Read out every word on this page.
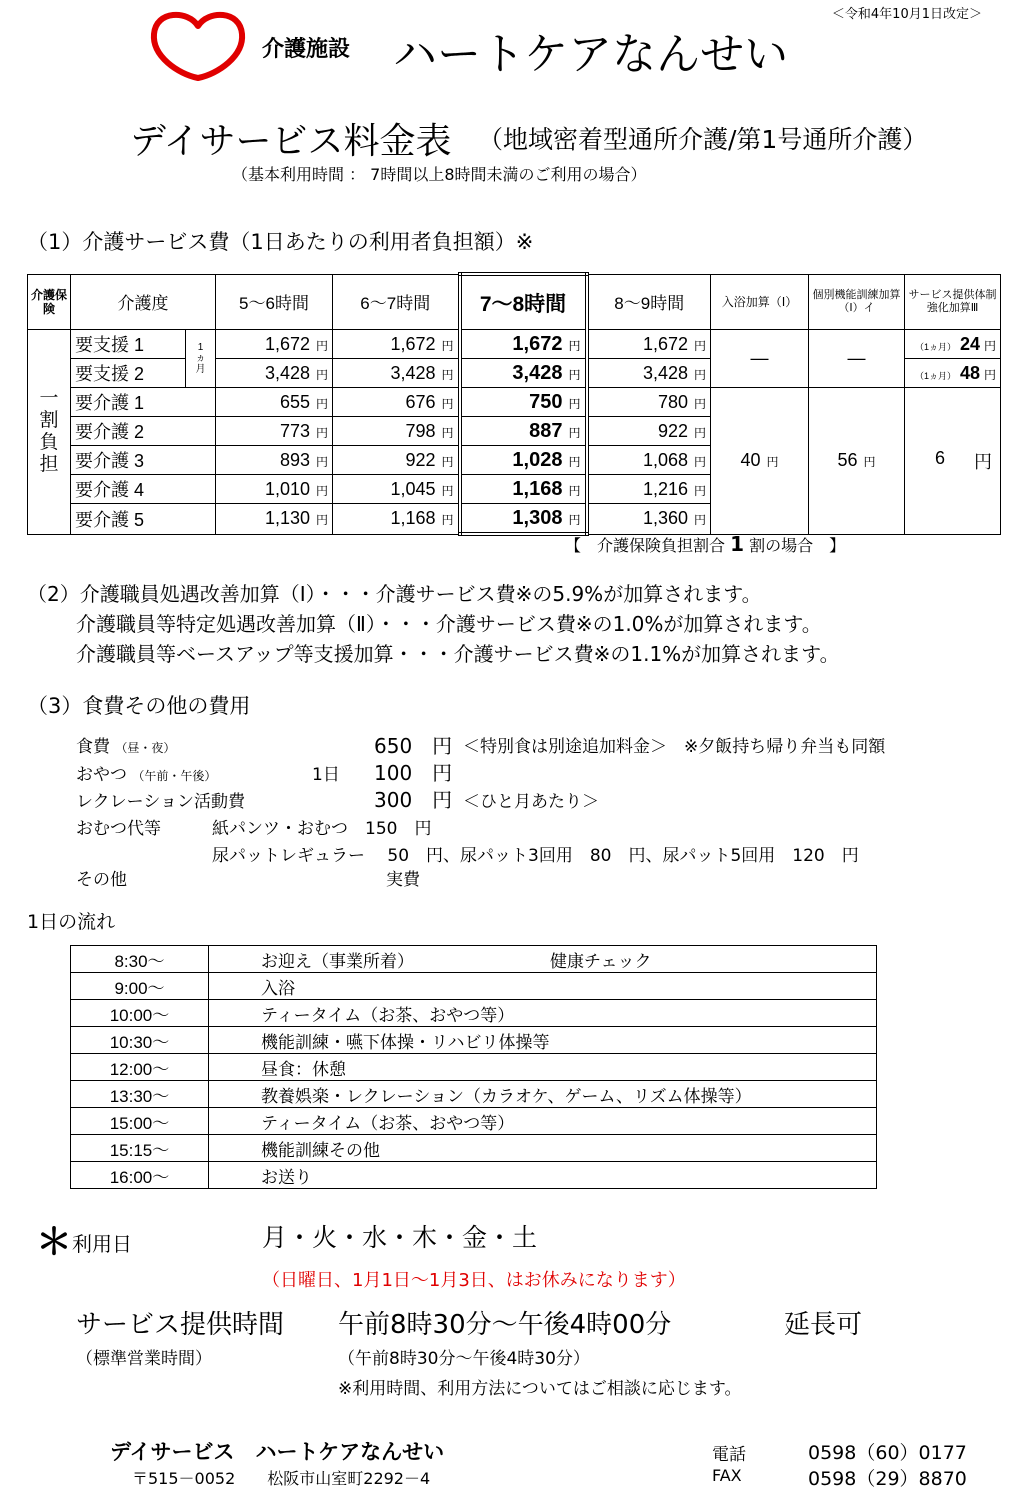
＜令和4年10月1日改定＞
介護施設 ハートケアなんせい
デイサービス料金表 （地域密着型通所介護/第1号通所介護）
（基本利用時間 ： 7時間以上8時間未満のご利用の場合）
（1）介護サービス費（1日あたりの利用者負担額）※
介護保険	介護度		5～6時間	6～7時間	7～8時間	8～9時間	入浴加算（Ⅰ）	個別機能訓練加算（Ⅰ）イ	サービス提供体制強化加算Ⅲ
一割負担	要支援 1	1ヵ月	1,672 円	1,672 円	1,672 円	1,672 円	―	―	（1ヵ月） 24 円
	要支援 2		3,428 円	3,428 円	3,428 円	3,428 円			（1ヵ月） 48 円
	要介護 1		655 円	676 円	750 円	780 円	40 円	56 円	6 円

	要介護 2		773 円	798 円	887 円	922 円			
	要介護 3		893 円	922 円	1,028 円	1,068 円			
	要介護 4		1,010 円	1,045 円	1,168 円	1,216 円			
	要介護 5		1,130 円	1,168 円	1,308 円	1,360 円			
【　介護保険負担割合 1 割の場合　】
（2）介護職員処遇改善加算（Ⅰ）・・・介護サービス費※の5.9%が加算されます。
介護職員等特定処遇改善加算（Ⅱ）・・・介護サービス費※の1.0%が加算されます。
介護職員等ベースアップ等支援加算・・・介護サービス費※の1.1%が加算されます。
（3）食費その他の費用
食費 （昼・夜）	650　円 ＜特別食は別途追加料金＞　※夕飯持ち帰り弁当も同額
おやつ （午前・午後）	1日 100　円
レクレーション活動費	300　円 ＜ひと月あたり＞
おむつ代等	紙パンツ・おむつ　150　円
尿パットレギュラー　 50　円、尿パット3回用　80　円、尿パット5回用　120　円
その他	実費
1日の流れ
8:30～	お迎え（事業所着） 健康チェック
9:00～	入浴
10:00～	ティータイム（お茶、おやつ等）
10:30～	機能訓練・嚥下体操・リハビリ体操等
12:00～	昼食：休憩
13:30～	教養娯楽・レクレーション（カラオケ、ゲーム、リズム体操等）
15:00～	ティータイム（お茶、おやつ等）
15:15～	機能訓練その他
16:00～	お送り
＊ 利用日	月・火・水・木・金・土
（日曜日、1月1日～1月3日、はお休みになります）
サービス提供時間 午前8時30分～午後4時00分	延長可
（標準営業時間）	（午前8時30分～午後4時30分）
※利用時間、利用方法についてはご相談に応じます。
デイサービス　ハートケアなんせい
〒515－0052　　松阪市山室町2292－4
電話	0598（60）0177
FAX	0598（29）8870
